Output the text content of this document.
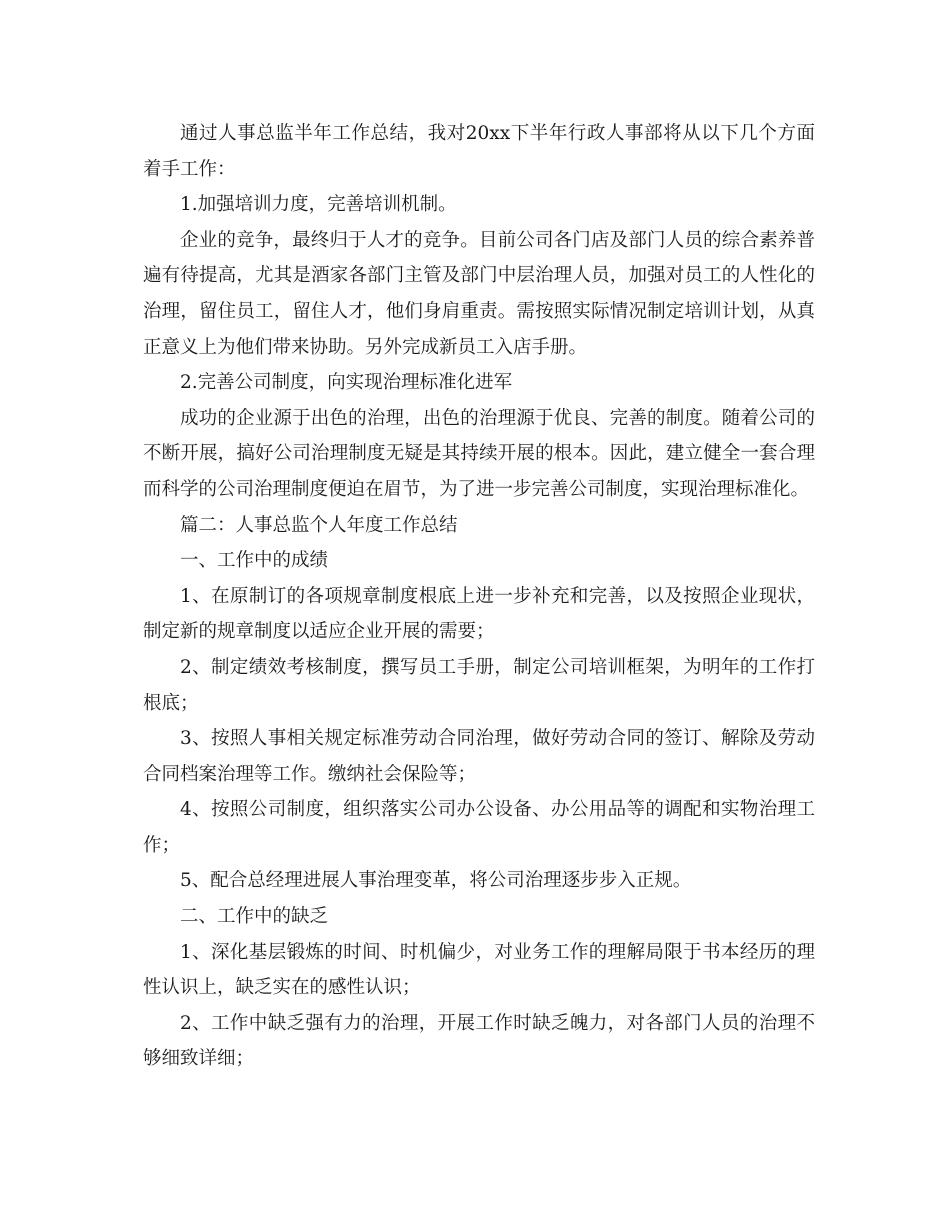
通过人事总监半年工作总结，我对20xx下半年行政人事部将从以下几个方面着手工作：

1.加强培训力度，完善培训机制。

企业的竞争，最终归于人才的竞争。目前公司各门店及部门人员的综合素养普遍有待提高，尤其是酒家各部门主管及部门中层治理人员，加强对员工的人性化的治理，留住员工，留住人才，他们身肩重责。需按照实际情况制定培训计划，从真正意义上为他们带来协助。另外完成新员工入店手册。

2.完善公司制度，向实现治理标准化进军

成功的企业源于出色的治理，出色的治理源于优良、完善的制度。随着公司的不断开展，搞好公司治理制度无疑是其持续开展的根本。因此，建立健全一套合理而科学的公司治理制度便迫在眉节，为了进一步完善公司制度，实现治理标准化。

篇二：人事总监个人年度工作总结

一、工作中的成绩

1、在原制订的各项规章制度根底上进一步补充和完善，以及按照企业现状，制定新的规章制度以适应企业开展的需要；

2、制定绩效考核制度，撰写员工手册，制定公司培训框架，为明年的工作打根底；

3、按照人事相关规定标准劳动合同治理，做好劳动合同的签订、解除及劳动合同档案治理等工作。缴纳社会保险等；

4、按照公司制度，组织落实公司办公设备、办公用品等的调配和实物治理工作；

5、配合总经理进展人事治理变革，将公司治理逐步步入正规。

二、工作中的缺乏

1、深化基层锻炼的时间、时机偏少，对业务工作的理解局限于书本经历的理性认识上，缺乏实在的感性认识；

2、工作中缺乏强有力的治理，开展工作时缺乏魄力，对各部门人员的治理不够细致详细；
